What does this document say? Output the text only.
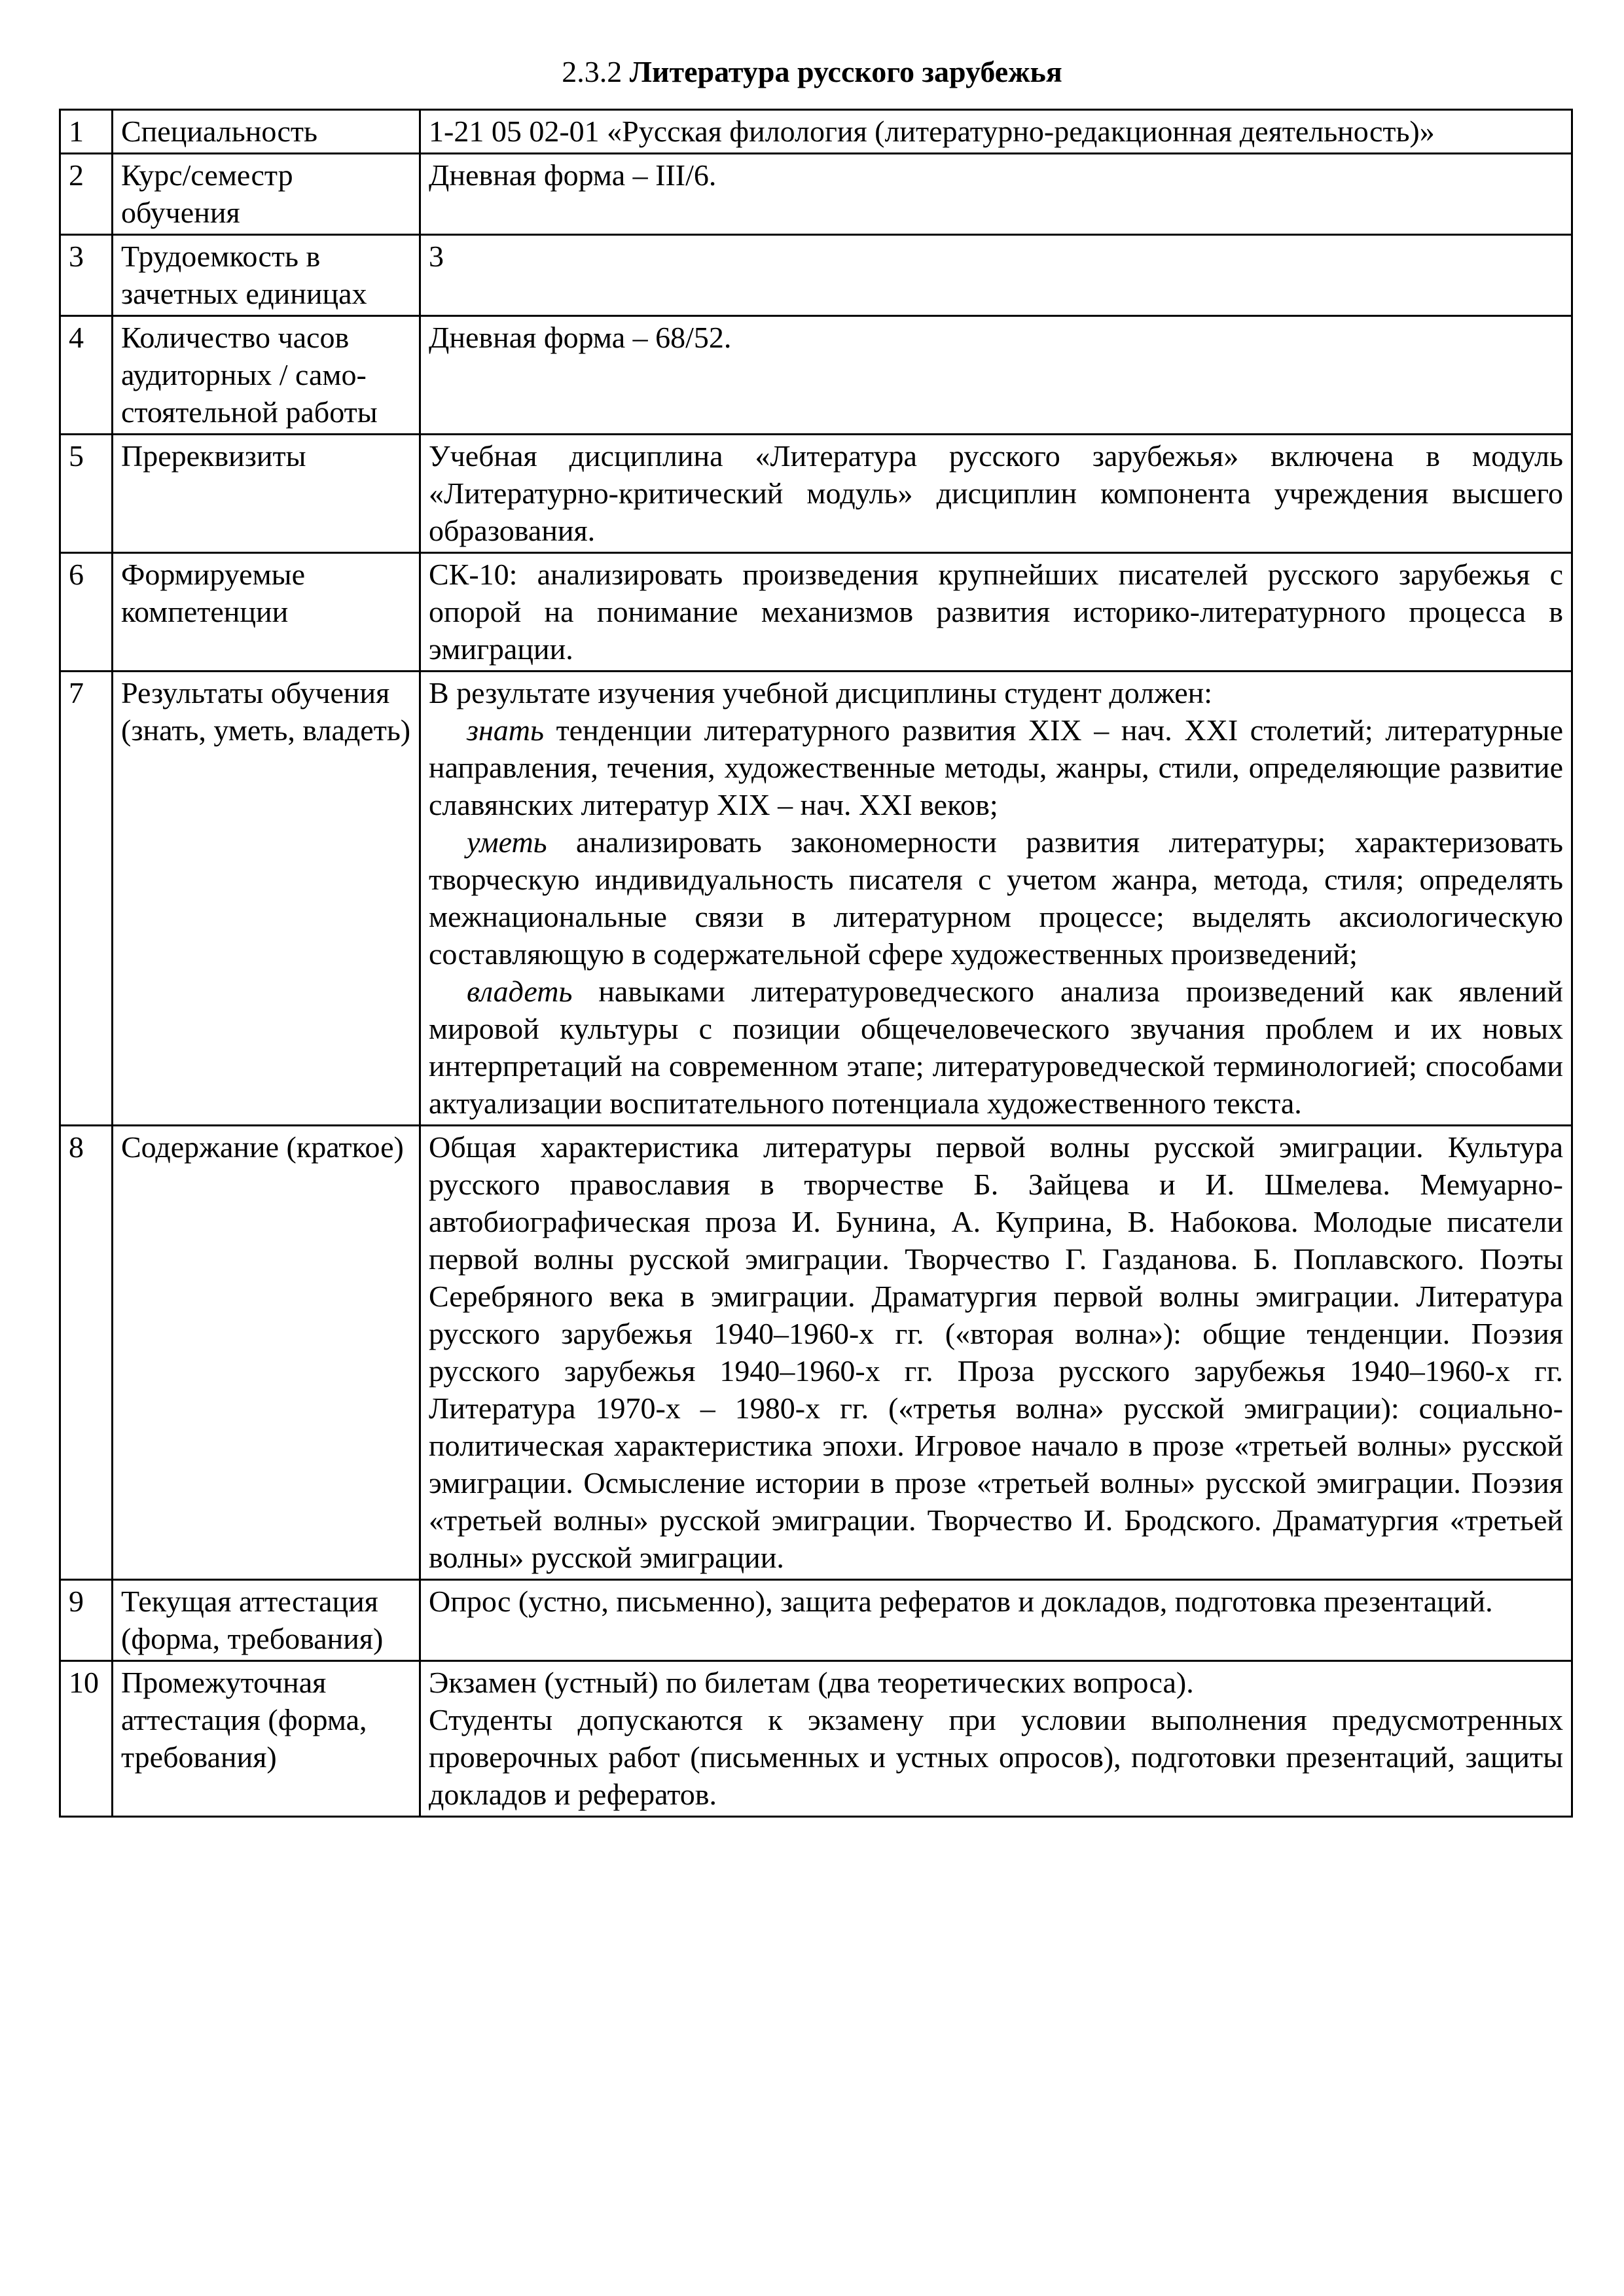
2.3.2 Литература русского зарубежья
1	Специальность	1-21 05 02-01 «Русская филология (литературно-редакционная деятельность)»
2	Курс/семестр обучения	Дневная форма – III/6.
3	Трудоемкость в зачетных единицах	3
4	Количество часов аудиторных / само-стоятельной работы	Дневная форма – 68/52.
5	Пререквизиты	Учебная дисциплина «Литература русского зарубежья» включена в модуль «Литературно-критический модуль» дисциплин компонента учреждения высшего образования.
6	Формируемые компетенции	СК-10: анализировать произведения крупнейших писателей русского зарубежья с опорой на понимание механизмов развития историко-литературного процесса в эмиграции.
7	Результаты обучения (знать, уметь, владеть)	В результате изучения учебной дисциплины студент должен:
знать тенденции литературного развития XIX – нач. XXI столетий; литературные направления, течения, художественные методы, жанры, стили, определяющие развитие славянских литератур XIX – нач. XXI веков;
уметь анализировать закономерности развития литературы; характеризовать творческую индивидуальность писателя с учетом жанра, метода, стиля; определять межнациональные связи в литературном процессе; выделять аксиологическую составляющую в содержательной сфере художественных произведений;
владеть навыками литературоведческого анализа произведений как явлений мировой культуры с позиции общечеловеческого звучания проблем и их новых интерпретаций на современном этапе; литературоведческой терминологией; способами актуализации воспитательного потенциала художественного текста.

8	Содержание (краткое)	Общая характеристика литературы первой волны русской эмиграции. Культура русского православия в творчестве Б. Зайцева и И. Шмелева. Мемуарно-автобиографическая проза И. Бунина, А. Куприна, В. Набокова. Молодые писатели первой волны русской эмиграции. Творчество Г. Газданова. Б. Поплавского. Поэты Серебряного века в эмиграции. Драматургия первой волны эмиграции. Литература русского зарубежья 1940–1960-х гг. («вторая волна»): общие тенденции. Поэзия русского зарубежья 1940–1960-х гг. Проза русского зарубежья 1940–1960-х гг. Литература 1970-х – 1980-х гг. («третья волна» русской эмиграции): социально-политическая характеристика эпохи. Игровое начало в прозе «третьей волны» русской эмиграции. Осмысление истории в прозе «третьей волны» русской эмиграции. Поэзия «третьей волны» русской эмиграции. Творчество И. Бродского. Драматургия «третьей волны» русской эмиграции.
9	Текущая аттестация (форма, требования)	Опрос (устно, письменно), защита рефератов и докладов, подготовка презентаций.
10	Промежуточная аттестация (форма, требования)	Экзамен (устный) по билетам (два теоретических вопроса).
Студенты допускаются к экзамену при условии выполнения предусмотренных проверочных работ (письменных и устных опросов), подготовки презентаций, защиты докладов и рефератов.
